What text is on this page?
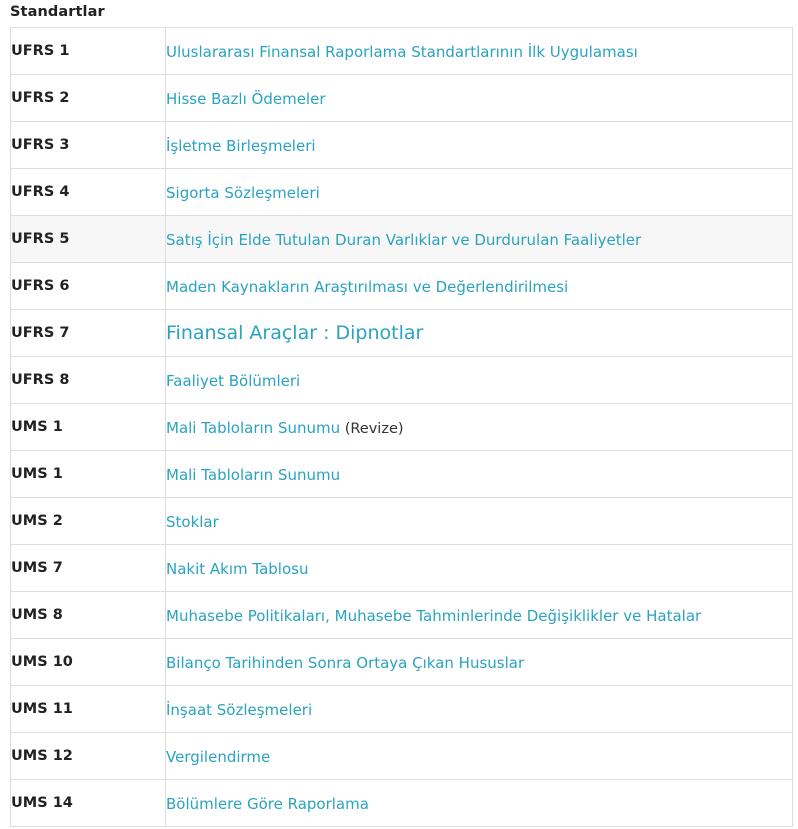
Standartlar
UFRS 1	Uluslararası Finansal Raporlama Standartlarının İlk Uygulaması
UFRS 2	Hisse Bazlı Ödemeler
UFRS 3	İşletme Birleşmeleri
UFRS 4	Sigorta Sözleşmeleri
UFRS 5	Satış İçin Elde Tutulan Duran Varlıklar ve Durdurulan Faaliyetler
UFRS 6	Maden Kaynakların Araştırılması ve Değerlendirilmesi
UFRS 7	Finansal Araçlar : Dipnotlar
UFRS 8	Faaliyet Bölümleri
UMS 1	Mali Tabloların Sunumu (Revize)
UMS 1	Mali Tabloların Sunumu
UMS 2	Stoklar
UMS 7	Nakit Akım Tablosu
UMS 8	Muhasebe Politikaları, Muhasebe Tahminlerinde Değişiklikler ve Hatalar
UMS 10	Bilanço Tarihinden Sonra Ortaya Çıkan Hususlar
UMS 11	İnşaat Sözleşmeleri
UMS 12	Vergilendirme
UMS 14	Bölümlere Göre Raporlama
